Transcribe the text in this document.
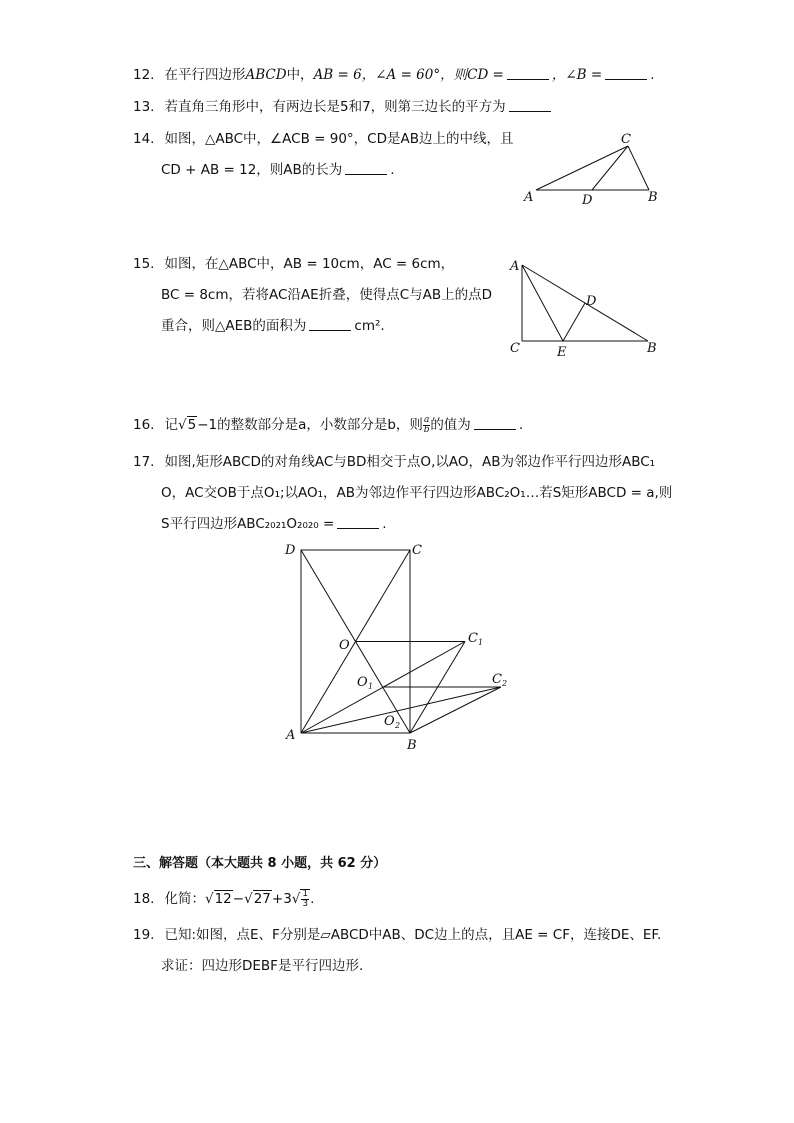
12. 在平行四边形ABCD中，AB = 6，∠A = 60°，则CD =	，∠B =	.
13. 若直角三角形中，有两边长是5和7，则第三边长的平方为
14. 如图，△ABC中，∠ACB = 90°，CD是AB边上的中线，且
CD + AB = 12，则AB的长为	.
A	B
C
D
15. 如图，在△ABC中，AB = 10cm，AC = 6cm，
BC = 8cm，若将AC沿AE折叠，使得点C与AB上的点D
重合，则△AEB的面积为	cm².
A
B
C
D
E
16. 记√5−1的整数部分是a，小数部分是b，则 $\frac{a}{b}$ 的值为	.
17. 如图,矩形ABCD的对角线AC与BD相交于点O,以AO，AB为邻边作平行四边形ABC₁
O，AC交OB于点O₁;以AO₁，AB为邻边作平行四边形ABC₂O₁…若S矩形ABCD = a,则
S平行四边形ABC₂₀₂₁O₂₀₂₀ =	.
D	C
A
B
O	C 1
O 1	C 2
O 2
三、解答题（本大题共 8 小题，共 62 分）
18. 化简：$√12-√27+3√ \frac{1}{3}$ .
19. 已知:如图，点E、F分别是▱ABCD中AB、DC边上的点，且AE = CF，连接DE、EF.
求证：四边形DEBF是平行四边形.
